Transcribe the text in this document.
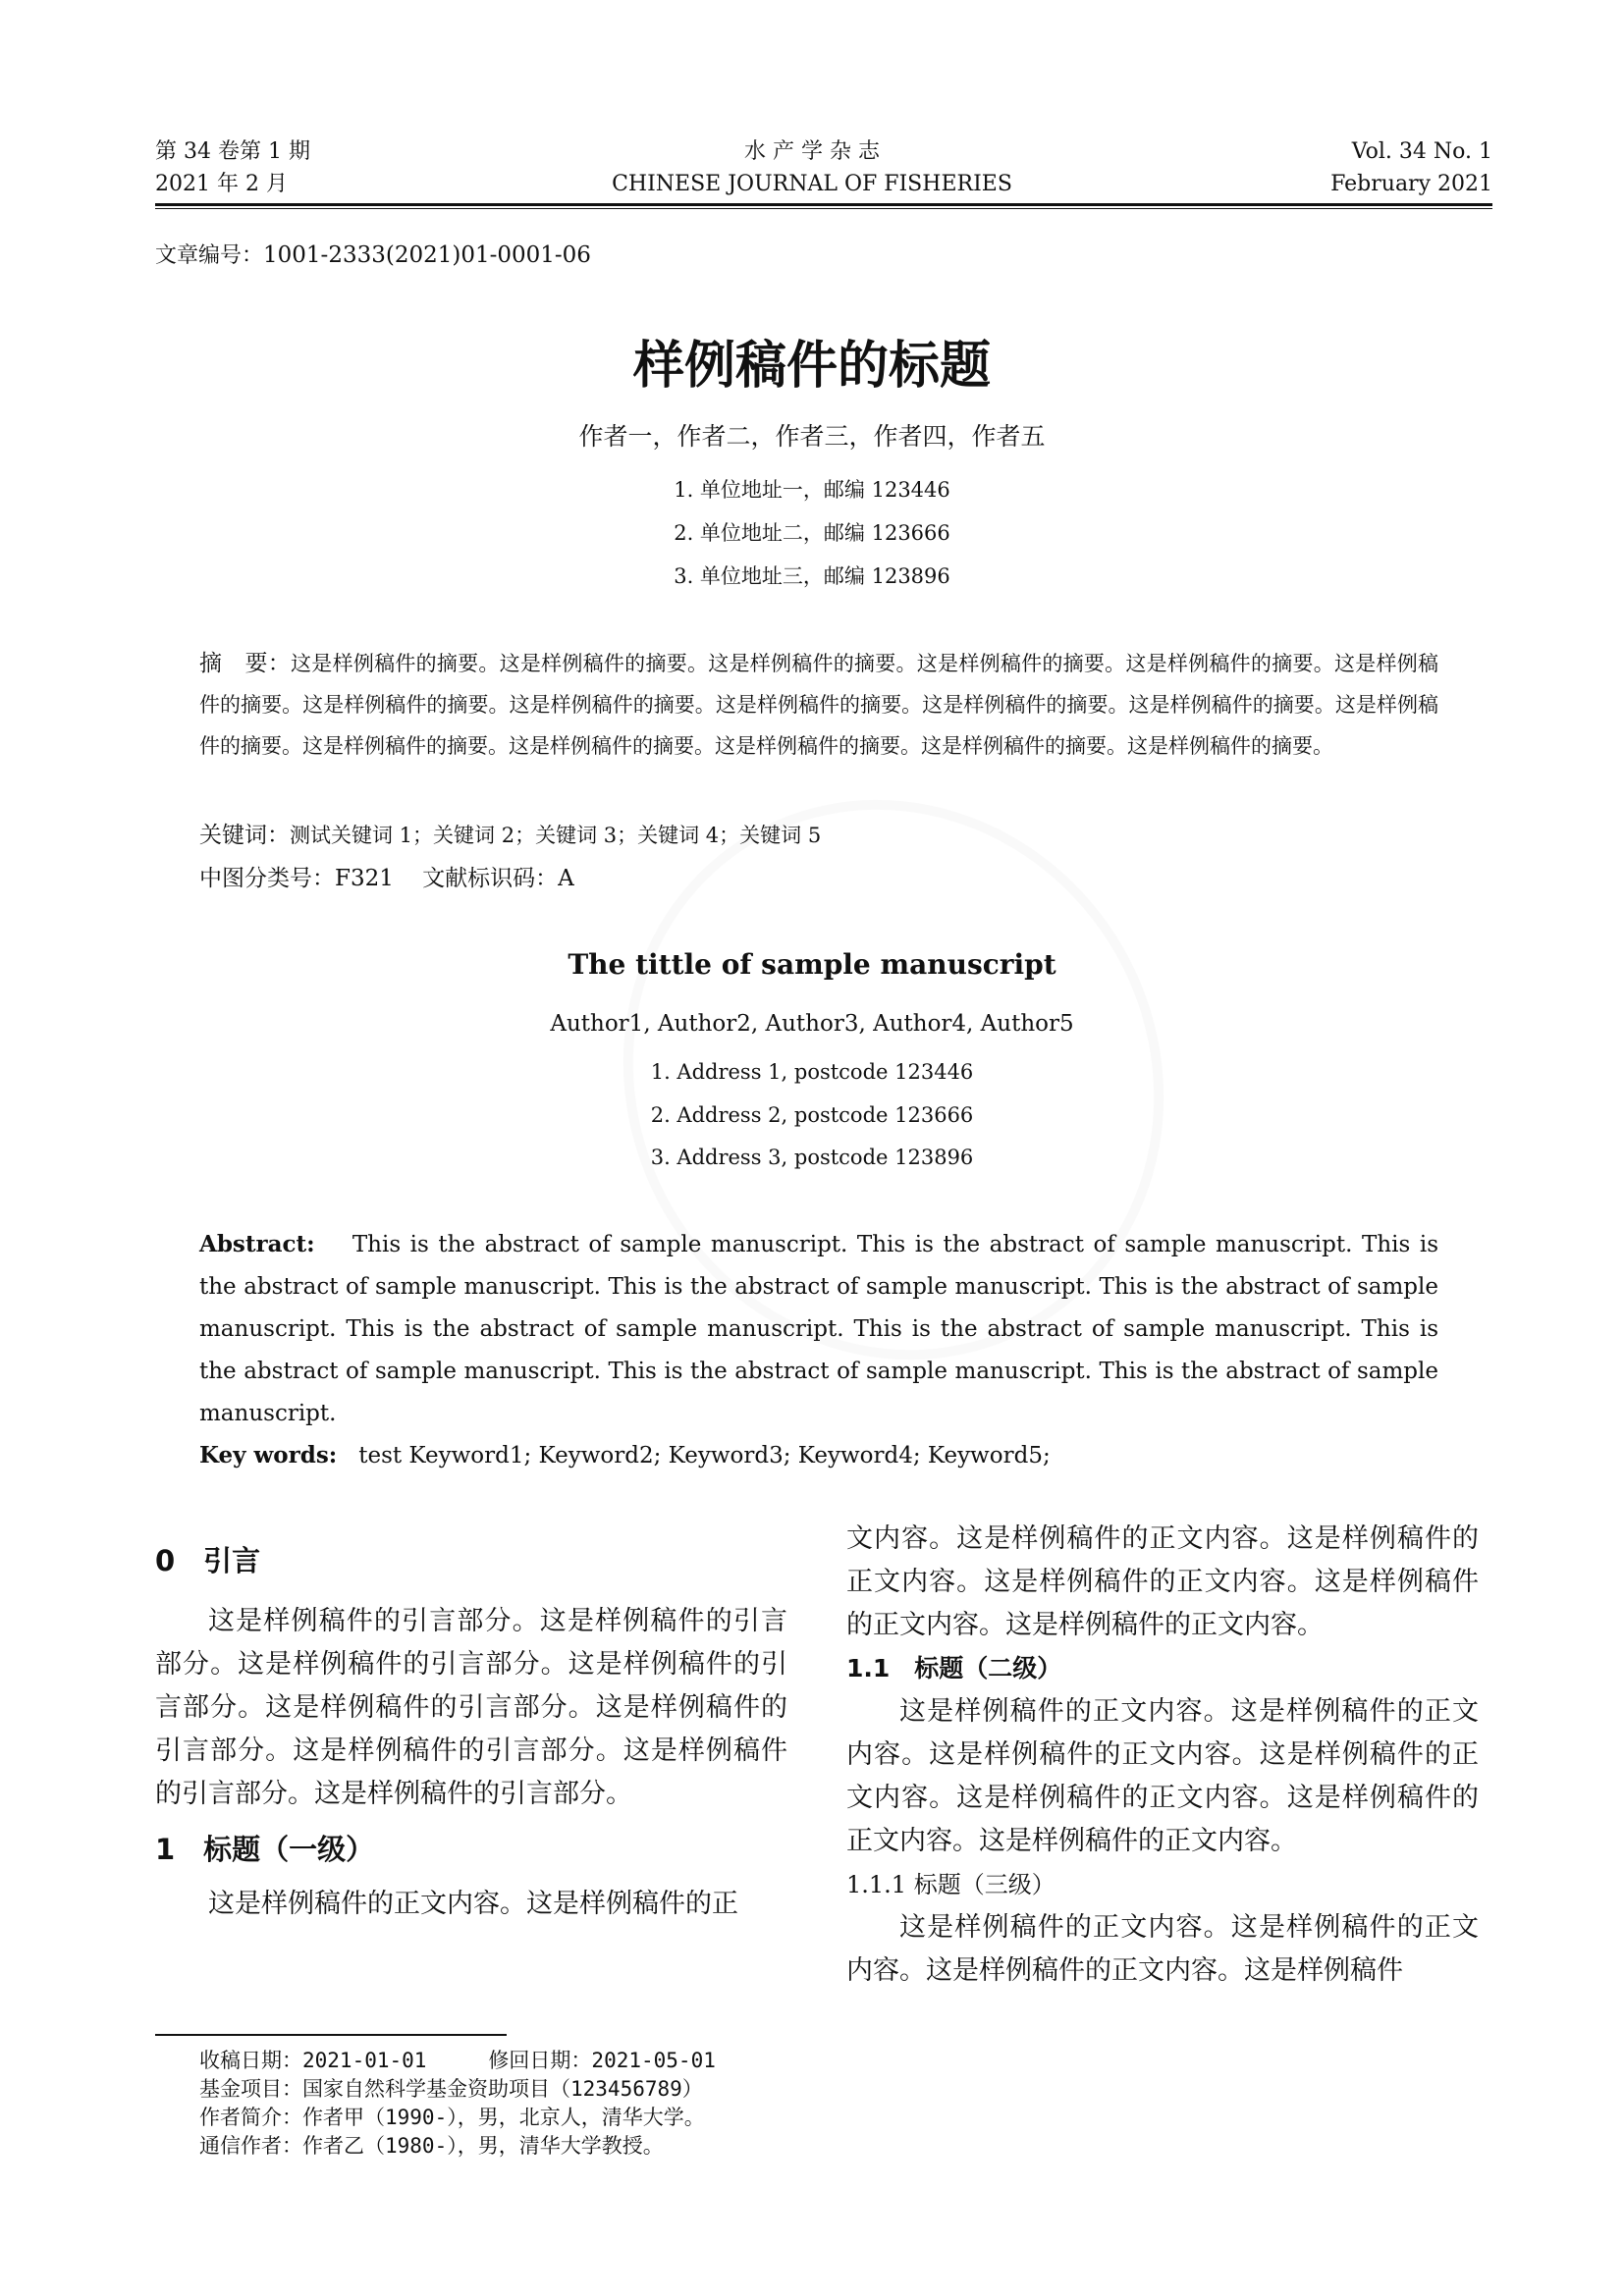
第 34 卷第 1 期
2021 年 2 月
水 产 学 杂 志
CHINESE JOURNAL OF FISHERIES
Vol. 34 No. 1
February 2021
文章编号：1001-2333(2021)01-0001-06
样例稿件的标题
作者一，作者二，作者三，作者四，作者五
1. 单位地址一，邮编 123446
2. 单位地址二，邮编 123666
3. 单位地址三，邮编 123896
摘　要：这是样例稿件的摘要。这是样例稿件的摘要。这是样例稿件的摘要。这是样例稿件的摘要。这是样例稿件的摘要。这是样例稿件的摘要。这是样例稿件的摘要。这是样例稿件的摘要。这是样例稿件的摘要。这是样例稿件的摘要。这是样例稿件的摘要。这是样例稿件的摘要。这是样例稿件的摘要。这是样例稿件的摘要。这是样例稿件的摘要。这是样例稿件的摘要。这是样例稿件的摘要。
关键词：测试关键词 1；关键词 2；关键词 3；关键词 4；关键词 5
中图分类号：F321 文献标识码：A
The tittle of sample manuscript
Author1, Author2, Author3, Author4, Author5
1. Address 1, postcode 123446
2. Address 2, postcode 123666
3. Address 3, postcode 123896
Abstract: This is the abstract of sample manuscript. This is the abstract of sample manuscript. This is the abstract of sample manuscript. This is the abstract of sample manuscript. This is the abstract of sample manuscript. This is the abstract of sample manuscript. This is the abstract of sample manuscript. This is the abstract of sample manuscript. This is the abstract of sample manuscript. This is the abstract of sample manuscript.
Key words: test Keyword1; Keyword2; Keyword3; Keyword4; Keyword5;
0　引言

这是样例稿件的引言部分。这是样例稿件的引言部分。这是样例稿件的引言部分。这是样例稿件的引言部分。这是样例稿件的引言部分。这是样例稿件的引言部分。这是样例稿件的引言部分。这是样例稿件的引言部分。这是样例稿件的引言部分。

1　标题（一级）

这是样例稿件的正文内容。这是样例稿件的正

文内容。这是样例稿件的正文内容。这是样例稿件的正文内容。这是样例稿件的正文内容。这是样例稿件的正文内容。这是样例稿件的正文内容。

1.1　标题（二级）

这是样例稿件的正文内容。这是样例稿件的正文内容。这是样例稿件的正文内容。这是样例稿件的正文内容。这是样例稿件的正文内容。这是样例稿件的正文内容。这是样例稿件的正文内容。

1.1.1 标题（三级）

这是样例稿件的正文内容。这是样例稿件的正文内容。这是样例稿件的正文内容。这是样例稿件

收稿日期：2021-01-01　　　修回日期：2021-05-01
基金项目：国家自然科学基金资助项目（123456789）
作者简介：作者甲（1990-），男，北京人，清华大学。
通信作者：作者乙（1980-），男，清华大学教授。
